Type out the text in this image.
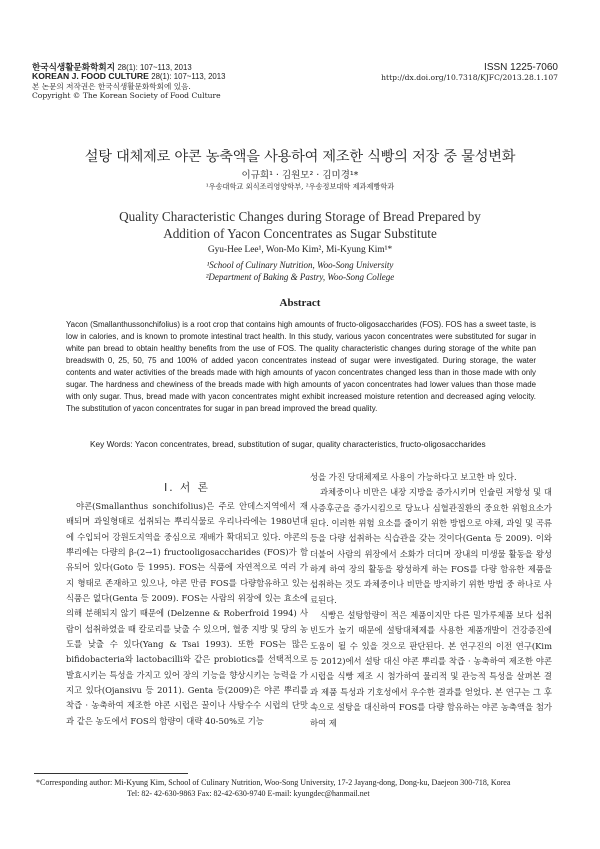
한국식생활문화학회지 28(1): 107~113, 2013
KOREAN J. FOOD CULTURE 28(1): 107~113, 2013
본 논문의 저작권은 한국식생활문화학회에 있음.
Copyright © The Korean Society of Food Culture
ISSN 1225-7060
http://dx.doi.org/10.7318/KJFC/2013.28.1.107
설탕 대체제로 야콘 농축액을 사용하여 제조한 식빵의 저장 중 물성변화
이규희¹ · 김원모² · 김미경¹*
¹우송대학교 외식조리영양학부, ²우송정보대학 제과제빵학과
Quality Characteristic Changes during Storage of Bread Prepared by
Addition of Yacon Concentrates as Sugar Substitute
Gyu-Hee Lee¹, Won-Mo Kim², Mi-Kyung Kim¹*
¹School of Culinary Nutrition, Woo-Song University
²Department of Baking & Pastry, Woo-Song College
Abstract
Yacon (Smallanthussonchifolius) is a root crop that contains high amounts of fructo-oligosaccharides (FOS). FOS has a sweet taste, is low in calories, and is known to promote intestinal tract health. In this study, various yacon concentrates were substituted for sugar in white pan bread to obtain healthy benefits from the use of FOS. The quality characteristic changes during storage of the white pan breadswith 0, 25, 50, 75 and 100% of added yacon concentrates instead of sugar were investigated. During storage, the water contents and water activities of the breads made with high amounts of yacon concentrates changed less than in those made with only sugar. The hardness and chewiness of the breads made with high amounts of yacon concentrates had lower values than those made with only sugar. Thus, bread made with yacon concentrates might exhibit increased moisture retention and decreased aging velocity. The substitution of yacon concentrates for sugar in pan bread improved the bread quality.
Key Words: Yacon concentrates, bread, substitution of sugar, quality characteristics, fructo-oligosaccharides
I. 서 론

야콘(Smallanthus sonchifolius)은 주로 안데스지역에서 재배되며 과일형태로 섭취되는 뿌리식물로 우리나라에는 1980년대에 수입되어 강원도지역을 중심으로 재배가 확대되고 있다. 야콘의 뿌리에는 다량의 β-(2→1) fructooligosaccharides (FOS)가 함유되어 있다(Goto 등 1995). FOS는 식품에 자연적으로 여러 가지 형태로 존재하고 있으나, 야콘 만큼 FOS를 다량함유하고 있는 식품은 없다(Genta 등 2009). FOS는 사람의 위장에 있는 효소에 의해 분해되지 않기 때문에 (Delzenne & Roberfroid 1994) 사람이 섭취하였을 때 칼로리를 낮출 수 있으며, 혈중 지방 및 당의 농도를 낮출 수 있다(Yang & Tsai 1993). 또한 FOS는 많은 bifidobacteria와 lactobacilli와 같은 probiotics를 선택적으로 발효시키는 특성을 가지고 있어 장의 기능을 향상시키는 능력을 가지고 있다(Ojansivu 등 2011). Genta 등(2009)은 야콘 뿌리를 착즙 · 농축하여 제조한 야콘 시럽은 꿀이나 사탕수수 시럽의 단맛과 같은 농도에서 FOS의 함량이 대략 40-50%로 기능

성을 가진 당대체제로 사용이 가능하다고 보고한 바 있다.

과체중이나 비만은 내장 지방을 증가시키며 인슐린 저항성 및 대사증후군을 증가시킴으로 당뇨나 심혈관질환의 중요한 위험요소가 된다. 이러한 위험 요소를 줄이기 위한 방법으로 야채, 과일 및 곡류 등을 다량 섭취하는 식습관을 갖는 것이다(Genta 등 2009). 이와 더불어 사람의 위장에서 소화가 더디며 장내의 미생물 활동을 왕성하게 하여 장의 활동을 왕성하게 하는 FOS를 다량 함유한 제품을 섭취하는 것도 과체중이나 비만을 방지하기 위한 방법 중 하나로 사료된다.

식빵은 설탕함량이 적은 제품이지만 다른 밀가루제품 보다 섭취빈도가 높기 때문에 설탕대체제를 사용한 제품개발이 건강증진에 도움이 될 수 있을 것으로 판단된다. 본 연구진의 이전 연구(Kim 등 2012)에서 설탕 대신 야콘 뿌리를 착즙 · 농축하여 제조한 야콘 시럽을 식빵 제조 시 첨가하여 물리적 및 관능적 특성을 살펴본 결과 제품 특성과 기호성에서 우수한 결과를 얻었다. 본 연구는 그 후속으로 설탕을 대신하여 FOS를 다량 함유하는 야콘 농축액을 첨가하여 제

*Corresponding author: Mi-Kyung Kim, School of Culinary Nutrition, Woo-Song University, 17-2 Jayang-dong, Dong-ku, Daejeon 300-718, Korea
Tel: 82- 42-630-9863 Fax: 82-42-630-9740 E-mail: kyungdec@hanmail.net
